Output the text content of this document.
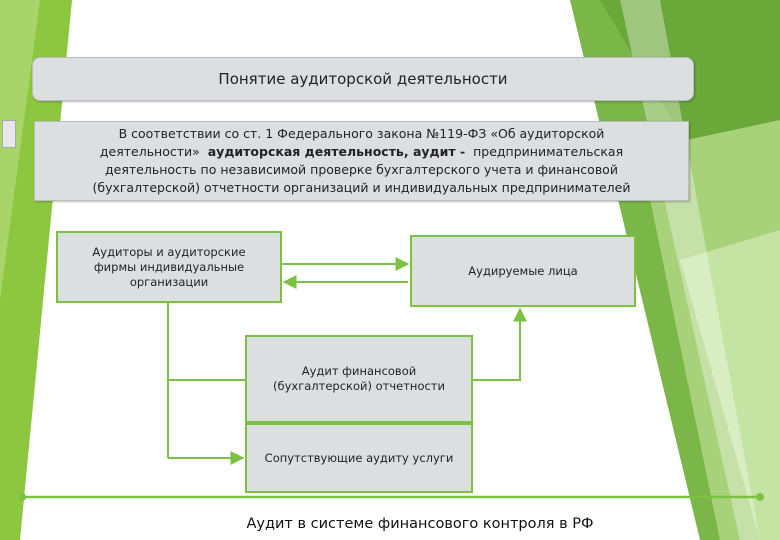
Понятие аудиторской деятельности
В соответствии со ст. 1 Федерального закона №119-ФЗ «Об аудиторской
деятельности»  аудиторская деятельность, аудит -  предпринимательская
деятельность по независимой проверке бухгалтерского учета и финансовой
(бухгалтерской) отчетности организаций и индивидуальных предпринимателей
Аудиторы и аудиторские
фирмы индивидуальные
организации
Аудируемые лица
Аудит финансовой
(бухгалтерской) отчетности
Сопутствующие аудиту услуги
Аудит в системе финансового контроля в РФ
